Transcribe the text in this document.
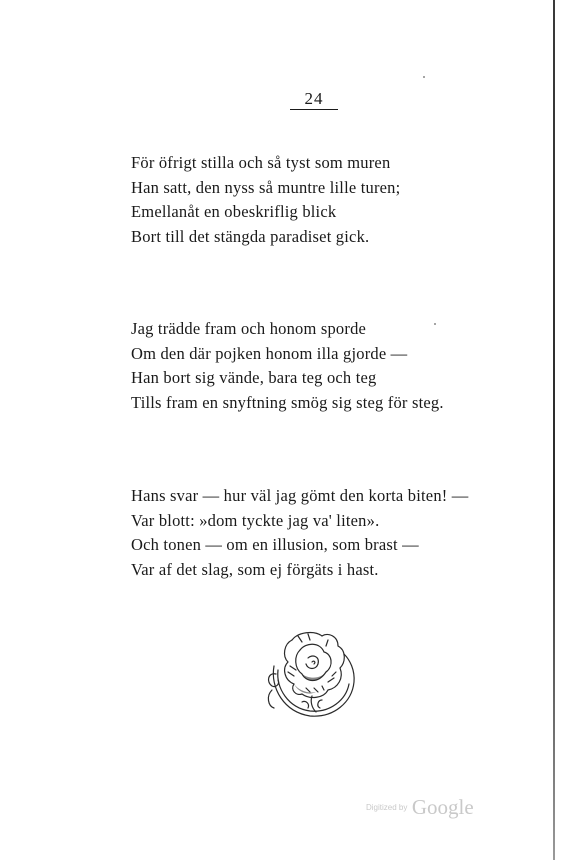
24
För öfrigt stilla och så tyst som muren
Han satt, den nyss så muntre lille turen;
Emellanåt en obeskriflig blick
Bort till det stängda paradiset gick.
Jag trädde fram och honom sporde
Om den där pojken honom illa gjorde —
Han bort sig vände, bara teg och teg
Tills fram en snyftning smög sig steg för steg.
Hans svar — hur väl jag gömt den korta biten! —
Var blott: »dom tyckte jag va' liten».
Och tonen — om en illusion, som brast —
Var af det slag, som ej förgäts i hast.
Digitized by Google
